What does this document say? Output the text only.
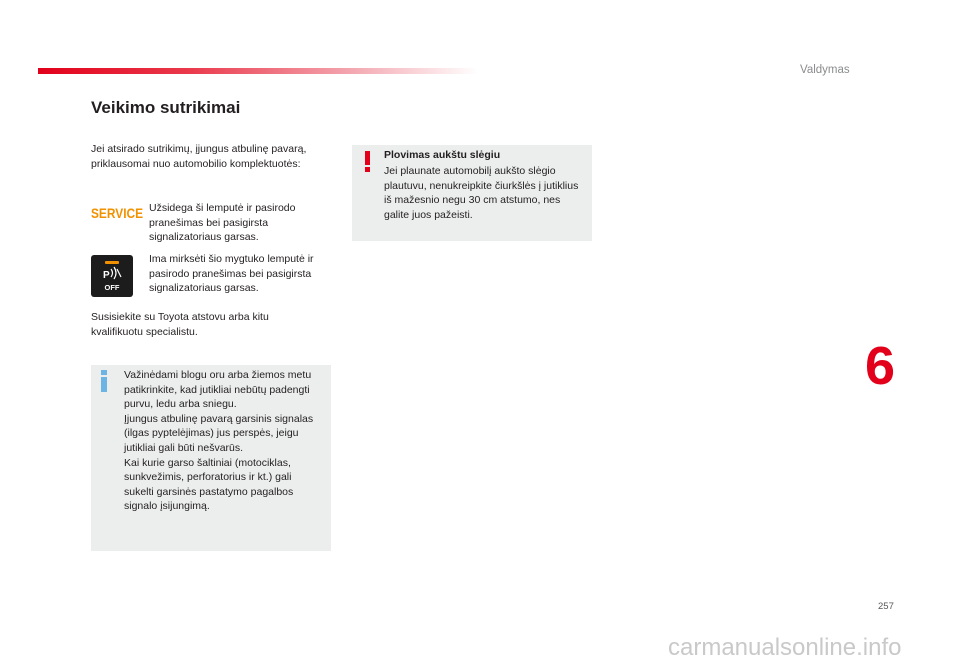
Valdymas
Veikimo sutrikimai

Jei atsirado sutrikimų, įjungus atbulinę pavarą, priklausomai nuo automobilio komplektuotės:

SERVICE Užsidega ši lemputė ir pasirodo pranešimas bei pasigirsta signalizatoriaus garsas.

P
OFF

Ima mirksėti šio mygtuko lemputė ir pasirodo pranešimas bei pasigirsta signalizatoriaus garsas.

Susisiekite su Toyota atstovu arba kitu kvalifikuotu specialistu.

Važinėdami blogu oru arba žiemos metu patikrinkite, kad jutikliai nebūtų padengti purvu, ledu arba sniegu.
Įjungus atbulinę pavarą garsinis signalas (ilgas pyptelėjimas) jus perspės, jeigu jutikliai gali būti nešvarūs.
Kai kurie garso šaltiniai (motociklas, sunkvežimis, perforatorius ir kt.) gali sukelti garsinės pastatymo pagalbos signalo įsijungimą.
Plovimas aukštu slėgiu

Jei plaunate automobilį aukšto slėgio plautuvu, nenukreipkite čiurkšlės į jutiklius iš mažesnio negu 30 cm atstumo, nes galite juos pažeisti.

6
257
carmanualsonline.info
